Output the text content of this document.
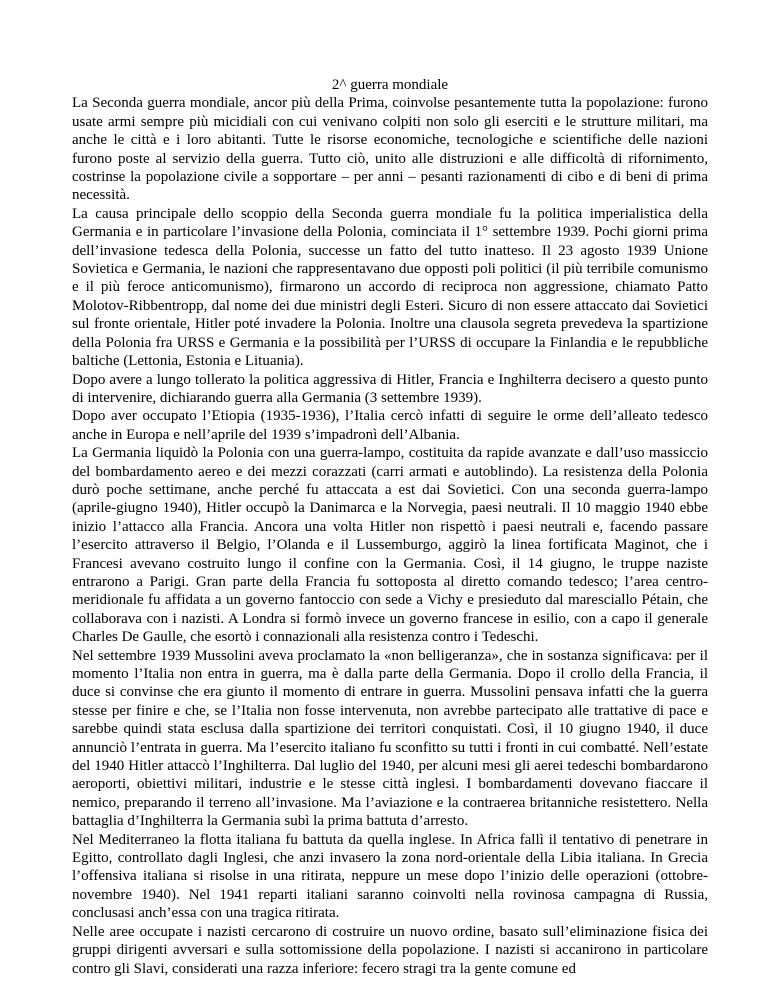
2^ guerra mondiale

La Seconda guerra mondiale, ancor più della Prima, coinvolse pesantemente tutta la popolazione: furono usate armi sempre più micidiali con cui venivano colpiti non solo gli eserciti e le strutture militari, ma anche le città e i loro abitanti. Tutte le risorse economiche, tecnologiche e scientifiche delle nazioni furono poste al servizio della guerra. Tutto ciò, unito alle distruzioni e alle difficoltà di rifornimento, costrinse la popolazione civile a sopportare – per anni – pesanti razionamenti di cibo e di beni di prima necessità.

La causa principale dello scoppio della Seconda guerra mondiale fu la politica imperialistica della Germania e in particolare l’invasione della Polonia, cominciata il 1° settembre 1939. Pochi giorni prima dell’invasione tedesca della Polonia, successe un fatto del tutto inatteso. Il 23 agosto 1939 Unione Sovietica e Germania, le nazioni che rappresentavano due opposti poli politici (il più terribile comunismo e il più feroce anticomunismo), firmarono un accordo di reciproca non aggressione, chiamato Patto Molotov-Ribbentropp, dal nome dei due ministri degli Esteri. Sicuro di non essere attaccato dai Sovietici sul fronte orientale, Hitler poté invadere la Polonia. Inoltre una clausola segreta prevedeva la spartizione della Polonia fra URSS e Germania e la possibilità per l’URSS di occupare la Finlandia e le repubbliche baltiche (Lettonia, Estonia e Lituania).

Dopo avere a lungo tollerato la politica aggressiva di Hitler, Francia e Inghilterra decisero a questo punto di intervenire, dichiarando guerra alla Germania (3 settembre 1939).

Dopo aver occupato l’Etiopia (1935-1936), l’Italia cercò infatti di seguire le orme dell’alleato tedesco anche in Europa e nell’aprile del 1939 s’impadronì dell’Albania.

La Germania liquidò la Polonia con una guerra-lampo, costituita da rapide avanzate e dall’uso massiccio del bombardamento aereo e dei mezzi corazzati (carri armati e autoblindo). La resistenza della Polonia durò poche settimane, anche perché fu attaccata a est dai Sovietici. Con una seconda guerra-lampo (aprile-giugno 1940), Hitler occupò la Danimarca e la Norvegia, paesi neutrali. Il 10 maggio 1940 ebbe inizio l’attacco alla Francia. Ancora una volta Hitler non rispettò i paesi neutrali e, facendo passare l’esercito attraverso il Belgio, l’Olanda e il Lussemburgo, aggirò la linea fortificata Maginot, che i Francesi avevano costruito lungo il confine con la Germania. Così, il 14 giugno, le truppe naziste entrarono a Parigi. Gran parte della Francia fu sottoposta al diretto comando tedesco; l’area centro-meridionale fu affidata a un governo fantoccio con sede a Vichy e presieduto dal maresciallo Pétain, che collaborava con i nazisti. A Londra si formò invece un governo francese in esilio, con a capo il generale Charles De Gaulle, che esortò i connazionali alla resistenza contro i Tedeschi.

Nel settembre 1939 Mussolini aveva proclamato la «non belligeranza», che in sostanza significava: per il momento l’Italia non entra in guerra, ma è dalla parte della Germania. Dopo il crollo della Francia, il duce si convinse che era giunto il momento di entrare in guerra. Mussolini pensava infatti che la guerra stesse per finire e che, se l’Italia non fosse intervenuta, non avrebbe partecipato alle trattative di pace e sarebbe quindi stata esclusa dalla spartizione dei territori conquistati. Così, il 10 giugno 1940, il duce annunciò l’entrata in guerra. Ma l’esercito italiano fu sconfitto su tutti i fronti in cui combatté. Nell’estate del 1940 Hitler attaccò l’Inghilterra. Dal luglio del 1940, per alcuni mesi gli aerei tedeschi bombardarono aeroporti, obiettivi militari, industrie e le stesse città inglesi. I bombardamenti dovevano fiaccare il nemico, preparando il terreno all’invasione. Ma l’aviazione e la contraerea britanniche resistettero. Nella battaglia d’Inghilterra la Germania subì la prima battuta d’arresto.

Nel Mediterraneo la flotta italiana fu battuta da quella inglese. In Africa fallì il tentativo di penetrare in Egitto, controllato dagli Inglesi, che anzi invasero la zona nord-orientale della Libia italiana. In Grecia l’offensiva italiana si risolse in una ritirata, neppure un mese dopo l’inizio delle operazioni (ottobre-novembre 1940). Nel 1941 reparti italiani saranno coinvolti nella rovinosa campagna di Russia, conclusasi anch’essa con una tragica ritirata.

Nelle aree occupate i nazisti cercarono di costruire un nuovo ordine, basato sull’eliminazione fisica dei gruppi dirigenti avversari e sulla sottomissione della popolazione. I nazisti si accanirono in particolare contro gli Slavi, considerati una razza inferiore: fecero stragi tra la gente comune ed
